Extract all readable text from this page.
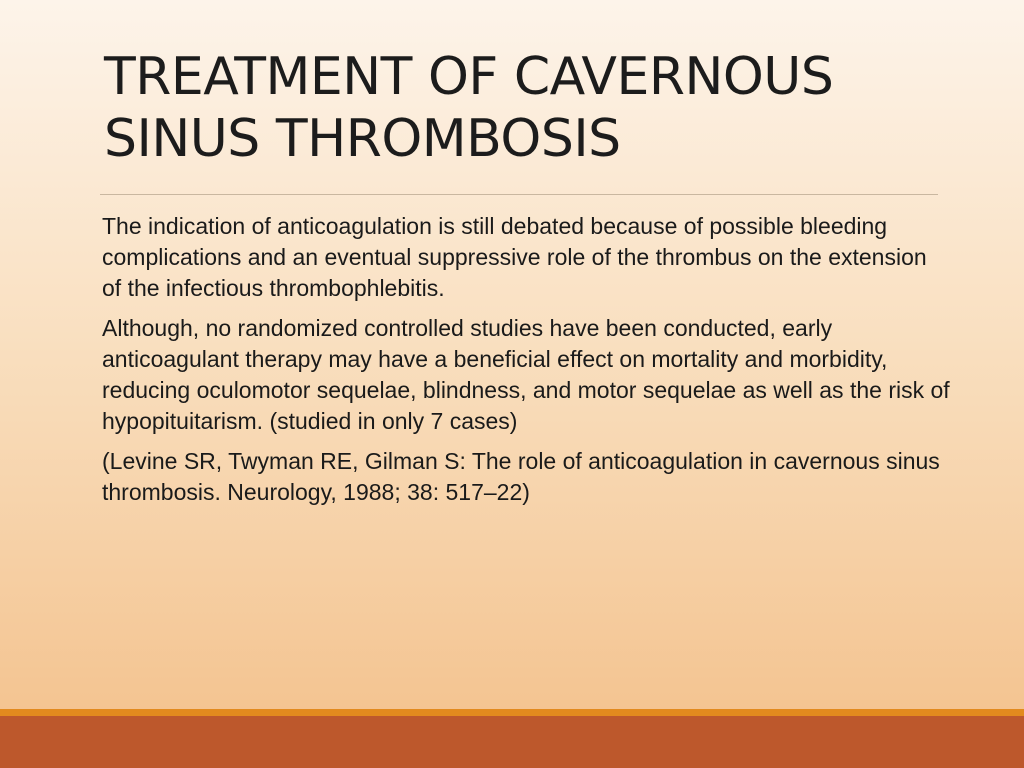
TREATMENT OF CAVERNOUS
SINUS THROMBOSIS

The indication of anticoagulation is still debated because of possible bleeding complications and an eventual suppressive role of the thrombus on the extension of the infectious thrombophlebitis.

Although, no randomized controlled studies have been conducted, early anticoagulant therapy may have a beneficial effect on mortality and morbidity, reducing oculomotor sequelae, blindness, and motor sequelae as well as the risk of hypopituitarism. (studied in only 7 cases)

(Levine SR, Twyman RE, Gilman S: The role of anticoagulation in cavernous sinus thrombosis. Neurology, 1988; 38: 517–22)
